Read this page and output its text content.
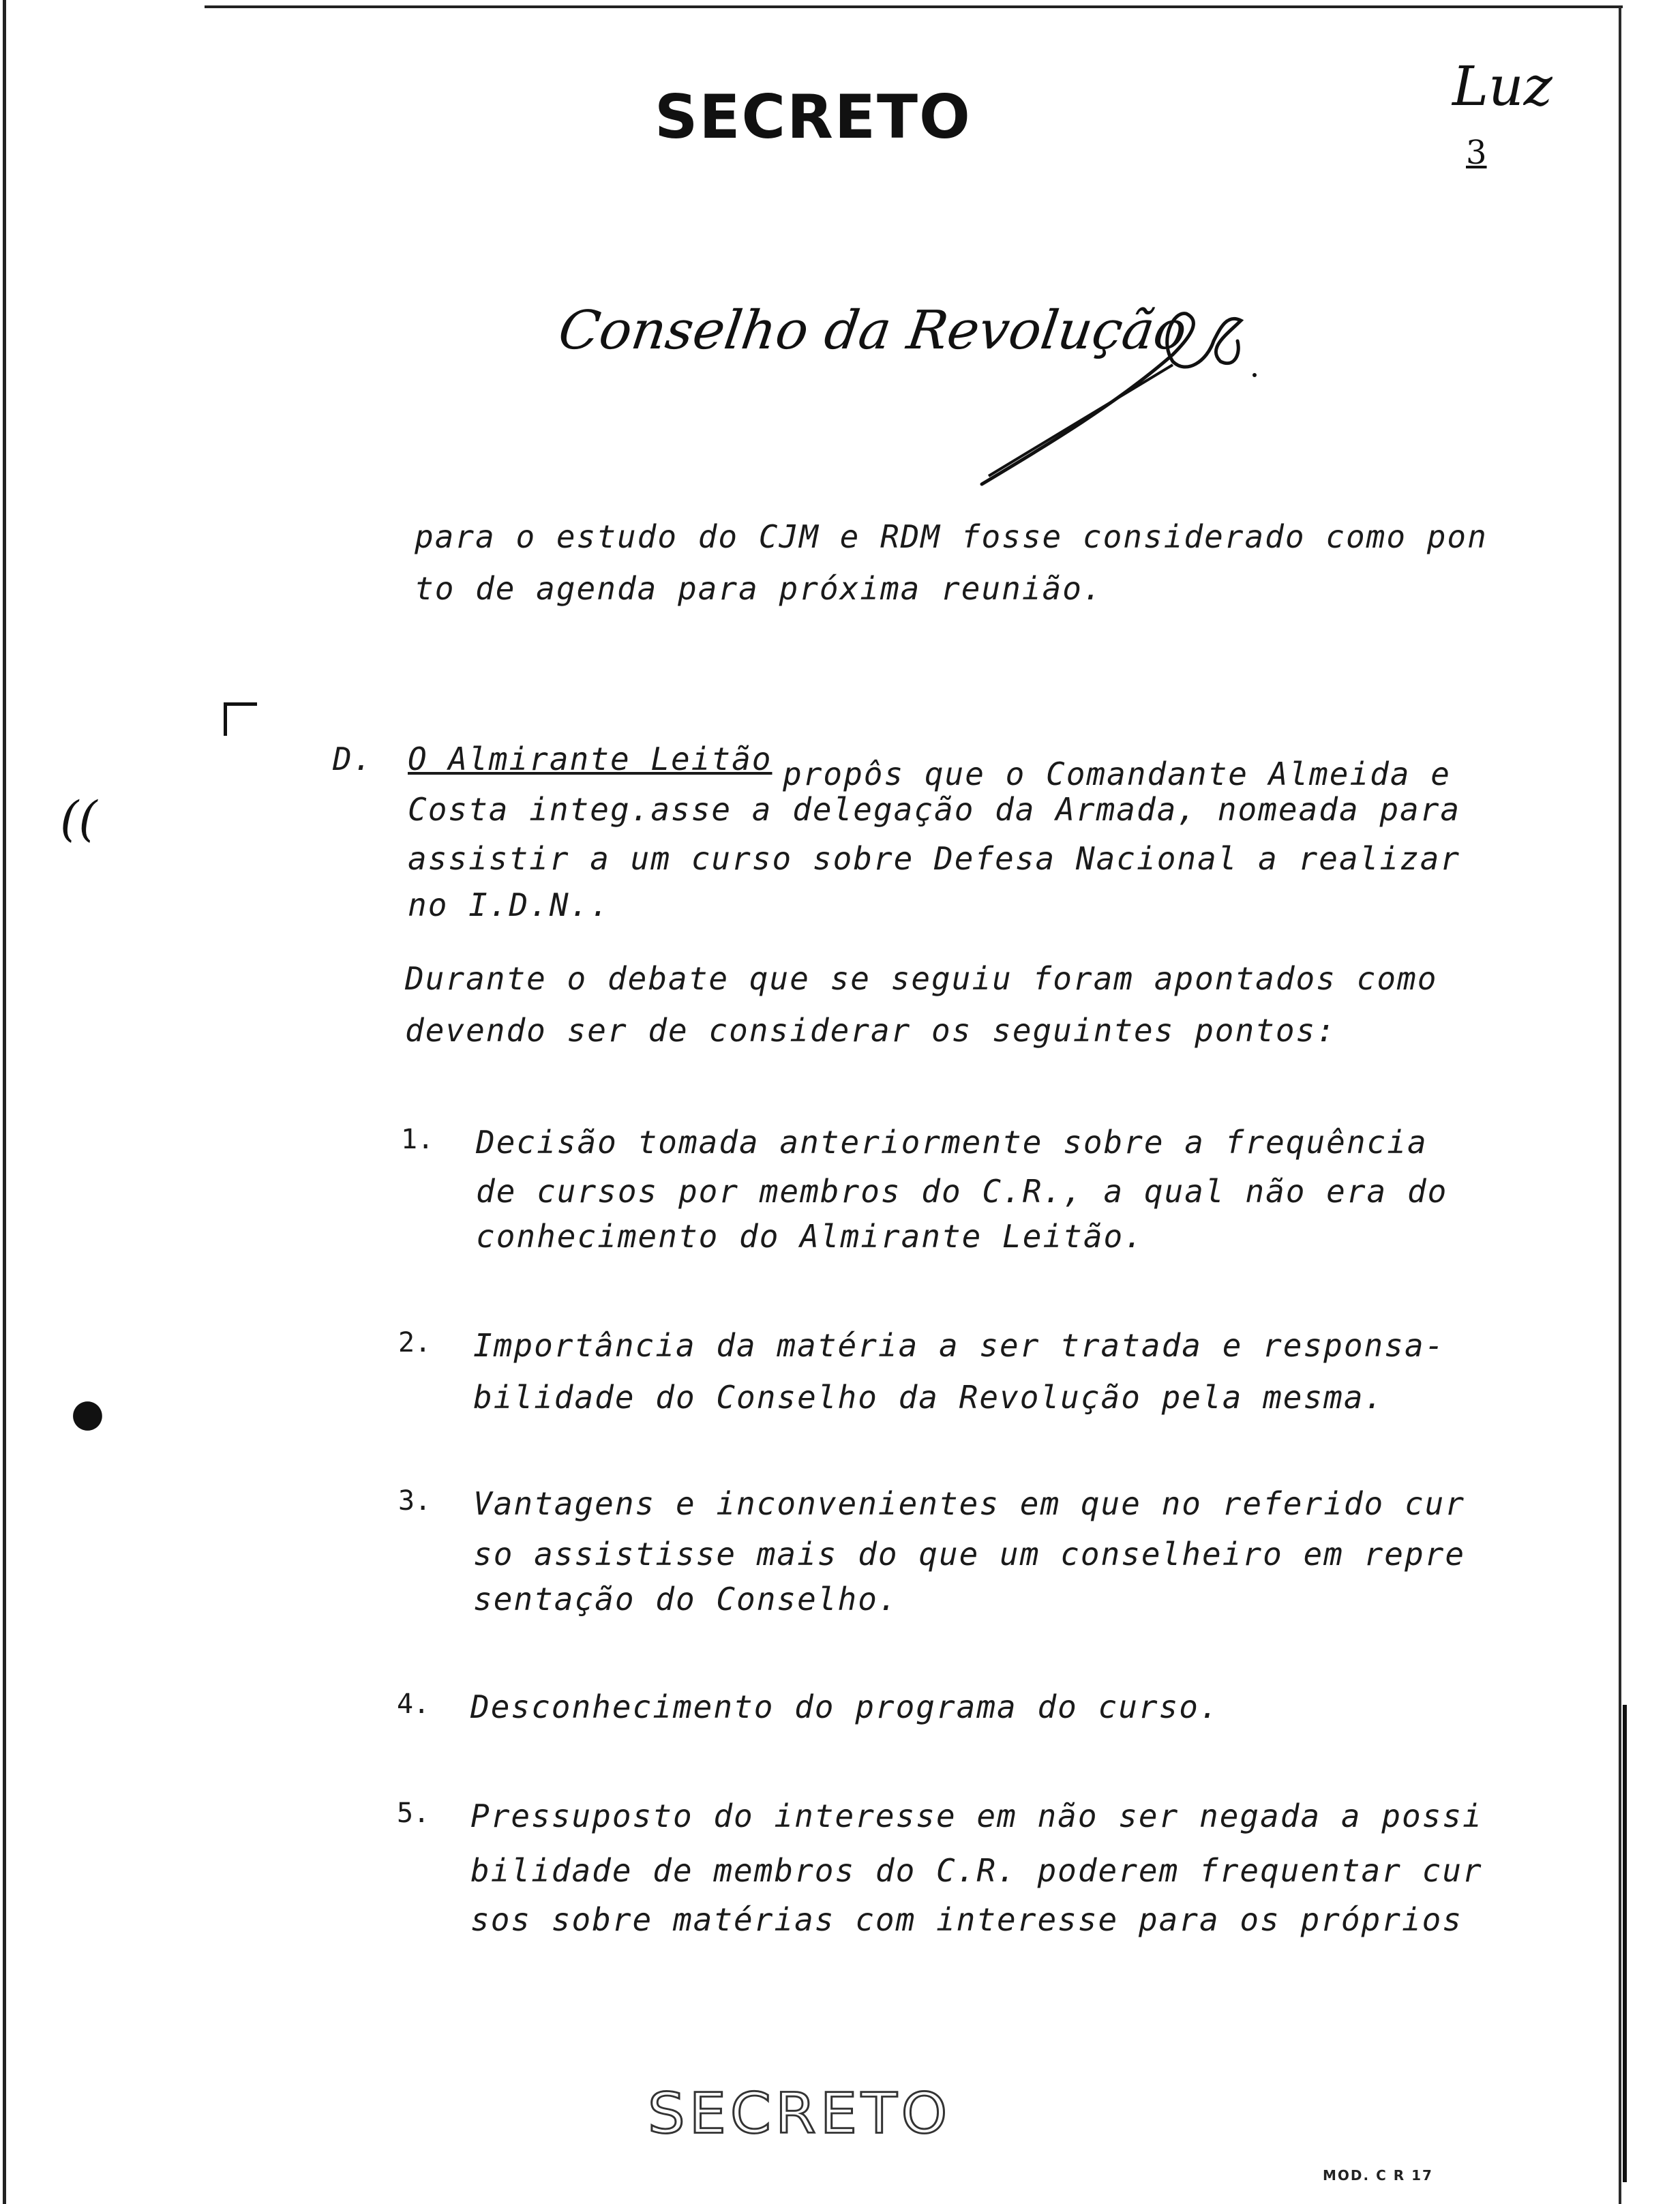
SECRETO	Luz
3
Conselho da Revolução
((
●
para o estudo do CJM e RDM fosse considerado como pon
to de agenda para próxima reunião.
D. O Almirante Leitão propôs que o Comandante Almeida e
Costa integ.asse a delegação da Armada, nomeada para
assistir a um curso sobre Defesa Nacional a realizar
no I.D.N..
Durante o debate que se seguiu foram apontados como
devendo ser de considerar os seguintes pontos:
1. Decisão tomada anteriormente sobre a frequência
de cursos por membros do C.R., a qual não era do
conhecimento do Almirante Leitão.
2. Importância da matéria a ser tratada e responsa-
bilidade do Conselho da Revolução pela mesma.
3. Vantagens e inconvenientes em que no referido cur
so assistisse mais do que um conselheiro em repre
sentação do Conselho.
4. Desconhecimento do programa do curso.
5. Pressuposto do interesse em não ser negada a possi
bilidade de membros do C.R. poderem frequentar cur
sos sobre matérias com interesse para os próprios
SECRETO
MOD. C R 17
